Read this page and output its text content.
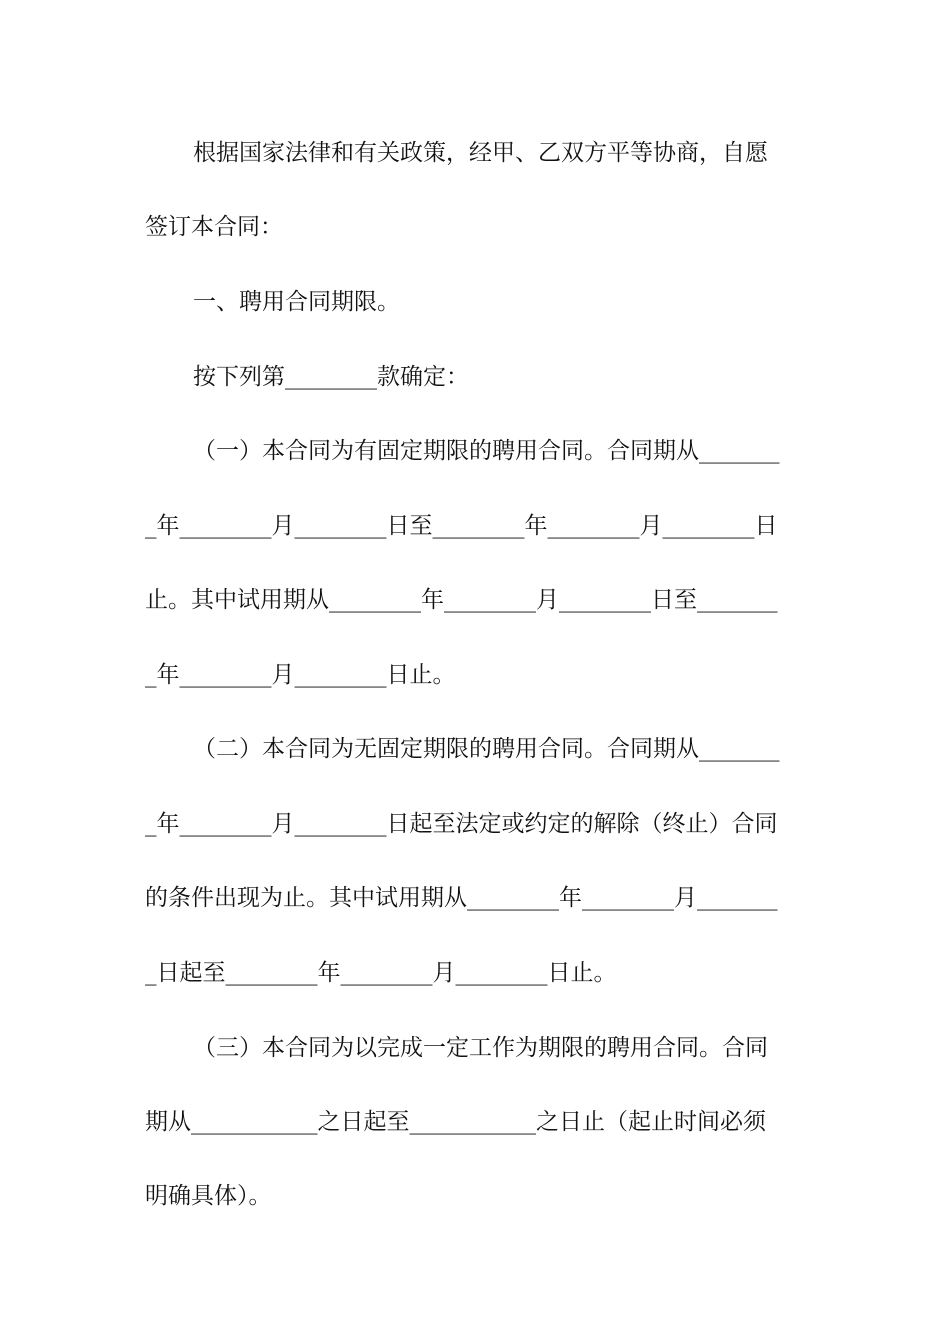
根据国家法律和有关政策，经甲、乙双方平等协商，自愿
签订本合同：
一、聘用合同期限。
按下列第________款确定：
（一）本合同为有固定期限的聘用合同。合同期从_______
_年________月________日至________年________月________日
止。其中试用期从________年________月________日至_______
_年________月________日止。
（二）本合同为无固定期限的聘用合同。合同期从_______
_年________月________日起至法定或约定的解除（终止）合同
的条件出现为止。其中试用期从________年________月_______
_日起至________年________月________日止。
（三）本合同为以完成一定工作为期限的聘用合同。合同
期从___________之日起至___________之日止（起止时间必须
明确具体）。
